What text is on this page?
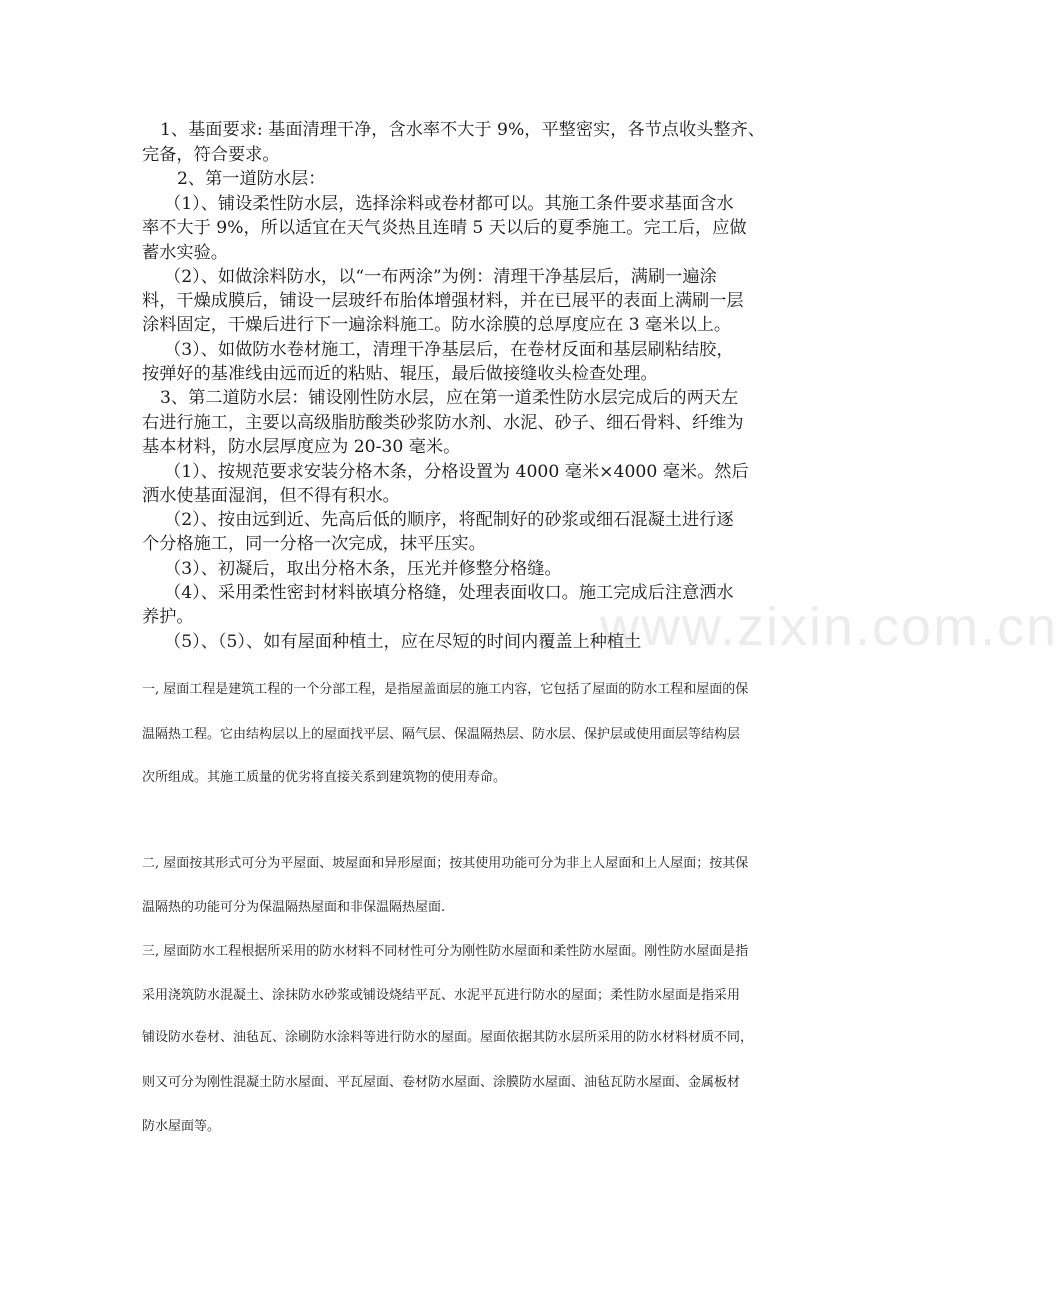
www.zixin.com.cn
1、基面要求: 基面清理干净，含水率不大于 9%，平整密实，各节点收头整齐、
完备，符合要求。
2、第一道防水层：
（1）、铺设柔性防水层，选择涂料或卷材都可以。其施工条件要求基面含水
率不大于 9%，所以适宜在天气炎热且连晴 5 天以后的夏季施工。完工后，应做
蓄水实验。
（2）、如做涂料防水，以“一布两涂”为例：清理干净基层后，满刷一遍涂
料，干燥成膜后，铺设一层玻纤布胎体增强材料，并在已展平的表面上满刷一层
涂料固定，干燥后进行下一遍涂料施工。防水涂膜的总厚度应在 3 毫米以上。
（3）、如做防水卷材施工，清理干净基层后，在卷材反面和基层刷粘结胶，
按弹好的基准线由远而近的粘贴、辊压，最后做接缝收头检查处理。
3、第二道防水层：铺设刚性防水层，应在第一道柔性防水层完成后的两天左
右进行施工，主要以高级脂肪酸类砂浆防水剂、水泥、砂子、细石骨料、纤维为
基本材料，防水层厚度应为 20-30 毫米。
（1）、按规范要求安装分格木条，分格设置为 4000 毫米×4000 毫米。然后
洒水使基面湿润，但不得有积水。
（2）、按由远到近、先高后低的顺序，将配制好的砂浆或细石混凝土进行逐
个分格施工，同一分格一次完成，抹平压实。
（3）、初凝后，取出分格木条，压光并修整分格缝。
（4）、采用柔性密封材料嵌填分格缝，处理表面收口。施工完成后注意洒水
养护。
（5）、（5）、如有屋面种植土，应在尽短的时间内覆盖上种植土
一, 屋面工程是建筑工程的一个分部工程，是指屋盖面层的施工内容，它包括了屋面的防水工程和屋面的保
温隔热工程。它由结构层以上的屋面找平层、隔气层、保温隔热层、防水层、保护层或使用面层等结构层
次所组成。其施工质量的优劣将直接关系到建筑物的使用寿命。
二, 屋面按其形式可分为平屋面、坡屋面和异形屋面；按其使用功能可分为非上人屋面和上人屋面；按其保
温隔热的功能可分为保温隔热屋面和非保温隔热屋面.
三, 屋面防水工程根据所采用的防水材料不同材性可分为刚性防水屋面和柔性防水屋面。刚性防水屋面是指
采用浇筑防水混凝土、涂抹防水砂浆或铺设烧结平瓦、水泥平瓦进行防水的屋面；柔性防水屋面是指采用
铺设防水卷材、油毡瓦、涂刷防水涂料等进行防水的屋面。屋面依据其防水层所采用的防水材料材质不同，
则又可分为刚性混凝土防水屋面、平瓦屋面、卷材防水屋面、涂膜防水屋面、油毡瓦防水屋面、金属板材
防水屋面等。
